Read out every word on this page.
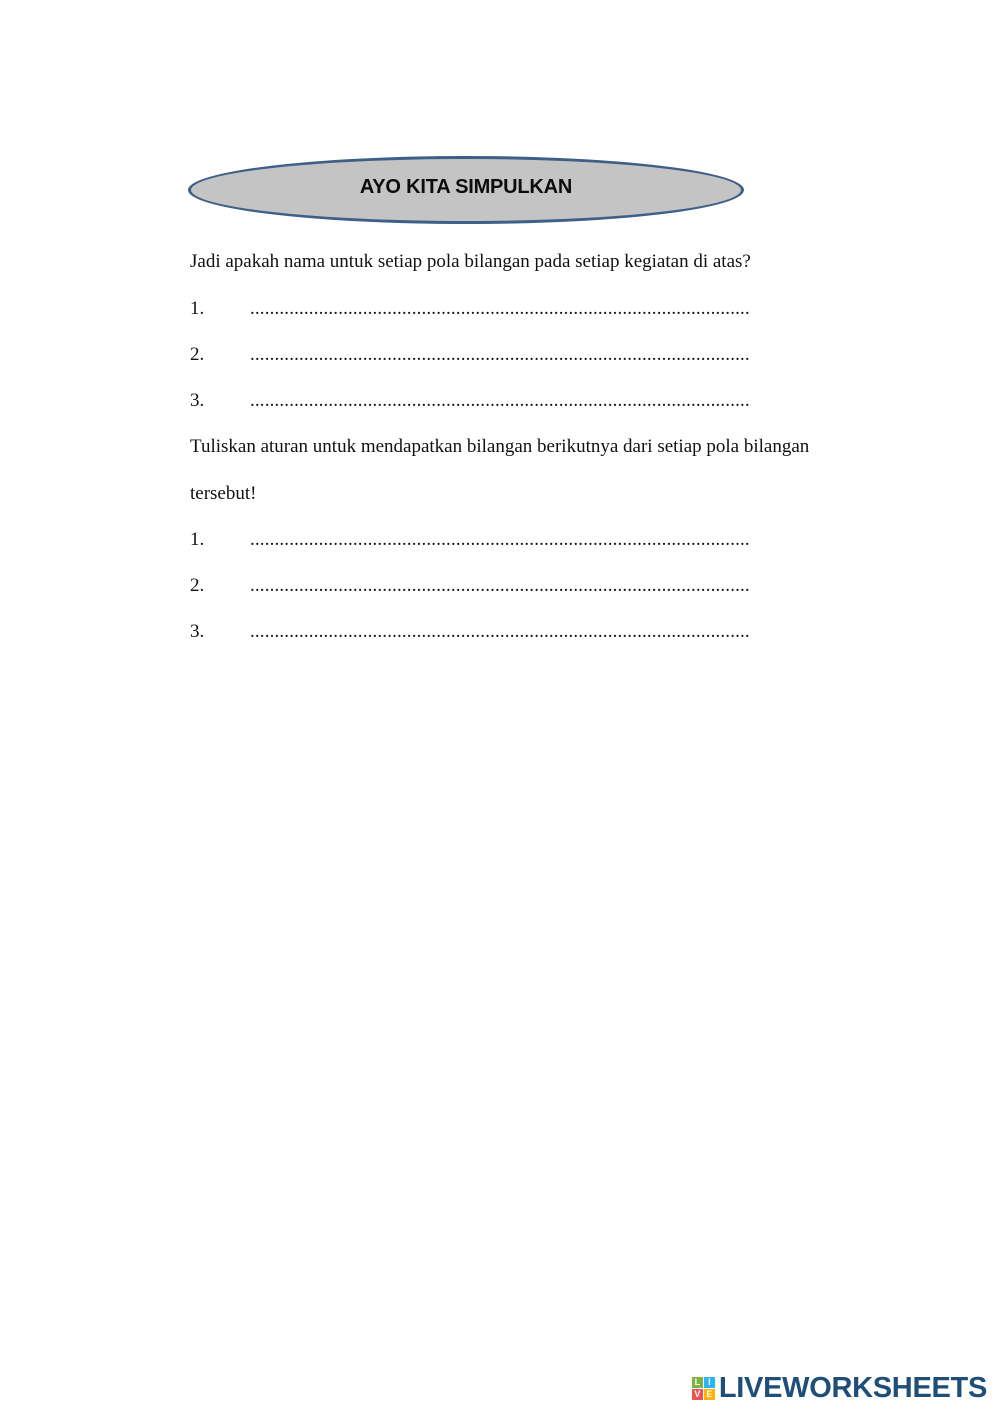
AYO KITA SIMPULKAN
Jadi apakah nama untuk setiap pola bilangan pada setiap kegiatan di atas?
1.	......................................................................................................
2.	......................................................................................................
3.	......................................................................................................
Tuliskan aturan untuk mendapatkan bilangan berikutnya dari setiap pola bilangan
tersebut!
1.	......................................................................................................
2.	......................................................................................................
3.	......................................................................................................
L I
V E LIVEWORKSHEETS
